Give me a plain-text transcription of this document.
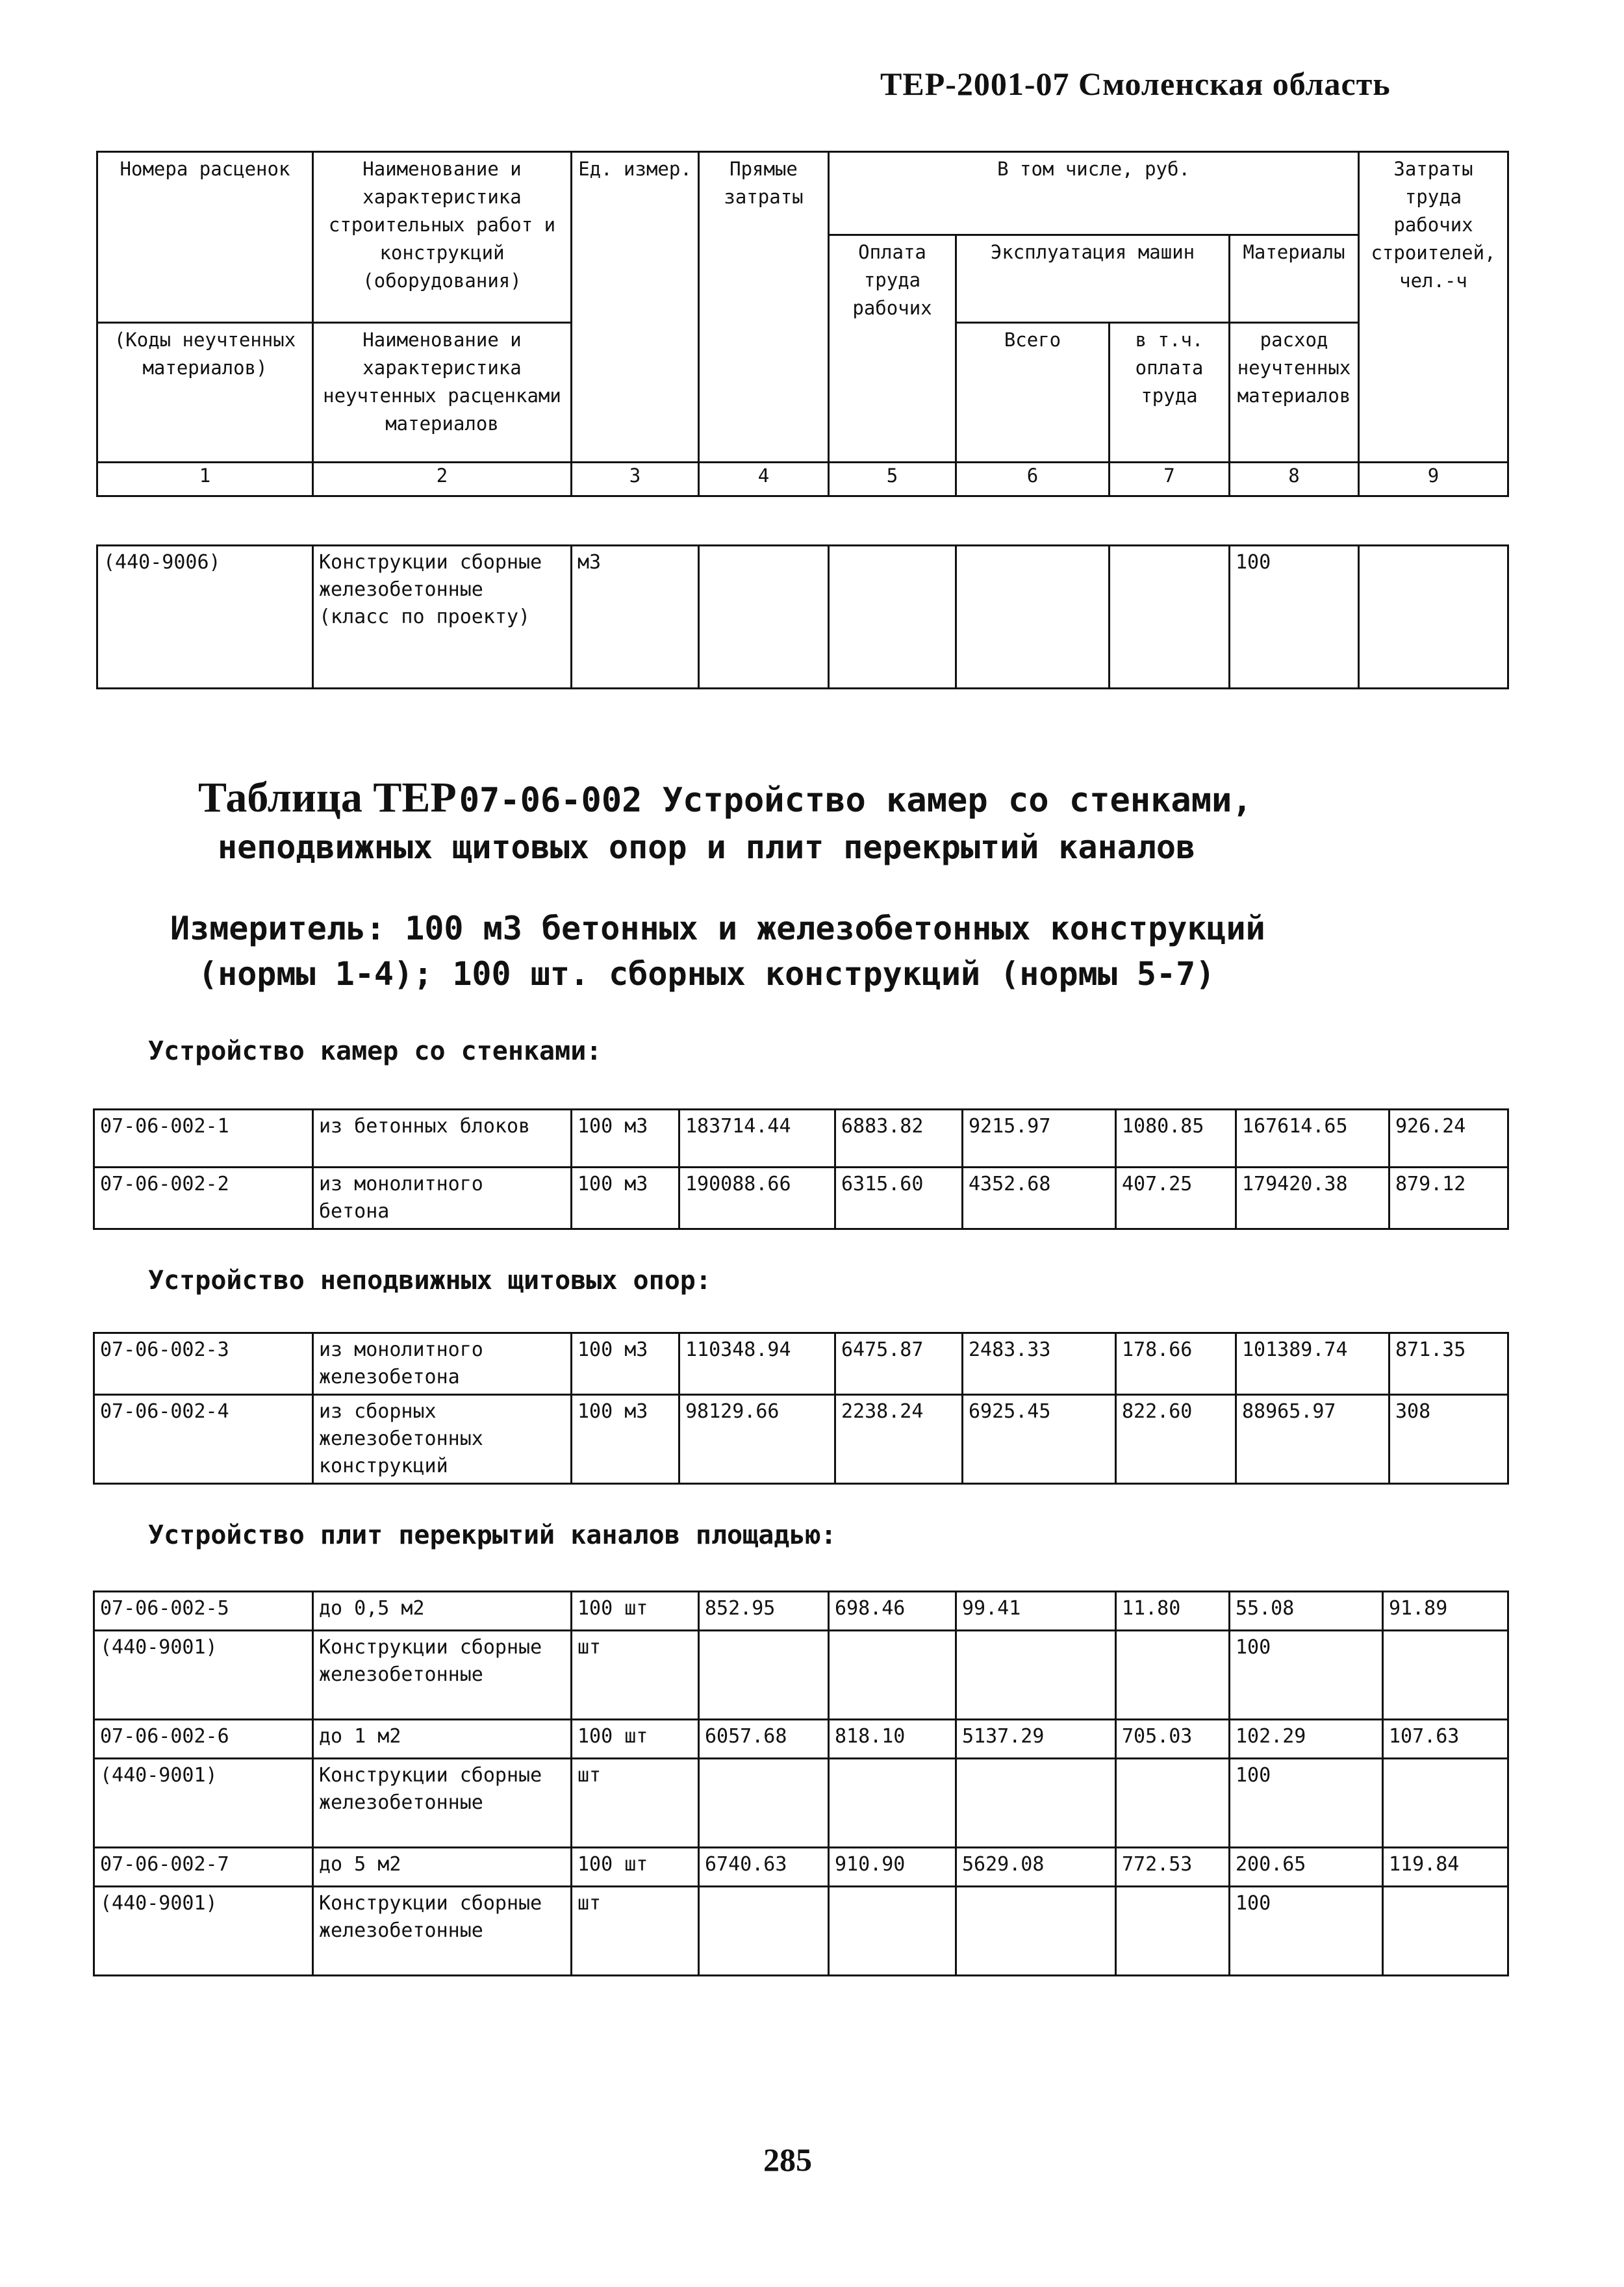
ТЕР-2001-07 Смоленская область
Номера расценок	Наименование и характеристика строительных работ и конструкций (оборудования)	Ед. измер.	Прямые затраты	В том числе, руб.				Затраты труда рабочих строителей, чел.-ч
				Оплата труда рабочих	Эксплуатация машин		Материалы	
(Коды неучтенных материалов)	Наименование и характеристика неучтенных расценками материалов				Всего	в т.ч. оплата труда	расход неучтенных материалов	
1	2	3	4	5	6	7	8	9
(440-9006)	Конструкции сборные железобетонные (класс по проекту)	м3					100	
Таблица ТЕР 07-06-002 Устройство камер со стенками,
неподвижных щитовых опор и плит перекрытий каналов
Измеритель: 100 м3 бетонных и железобетонных конструкций
(нормы 1-4); 100 шт. сборных конструкций (нормы 5-7)
Устройство камер со стенками:
07-06-002-1	из бетонных блоков	100 м3	183714.44	6883.82	9215.97	1080.85	167614.65	926.24
07-06-002-2	из монолитного бетона	100 м3	190088.66	6315.60	4352.68	407.25	179420.38	879.12
Устройство неподвижных щитовых опор:
07-06-002-3	из монолитного железобетона	100 м3	110348.94	6475.87	2483.33	178.66	101389.74	871.35
07-06-002-4	из сборных железобетонных конструкций	100 м3	98129.66	2238.24	6925.45	822.60	88965.97	308
Устройство плит перекрытий каналов площадью:
07-06-002-5	до 0,5 м2	100 шт	852.95	698.46	99.41	11.80	55.08	91.89
(440-9001)	Конструкции сборные железобетонные	шт					100	
07-06-002-6	до 1 м2	100 шт	6057.68	818.10	5137.29	705.03	102.29	107.63
(440-9001)	Конструкции сборные железобетонные	шт					100	
07-06-002-7	до 5 м2	100 шт	6740.63	910.90	5629.08	772.53	200.65	119.84
(440-9001)	Конструкции сборные железобетонные	шт					100	
285
